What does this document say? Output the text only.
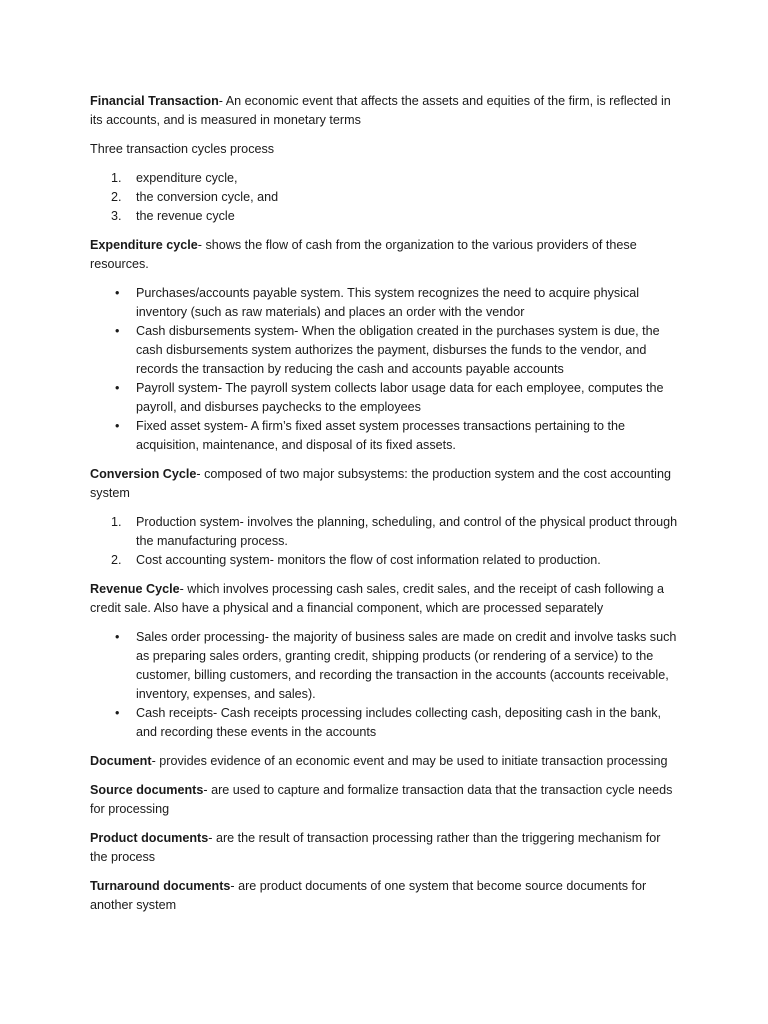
Financial Transaction- An economic event that affects the assets and equities of the firm, is reflected in its accounts, and is measured in monetary terms

Three transaction cycles process

1. expenditure cycle,
2. the conversion cycle, and
3. the revenue cycle

Expenditure cycle- shows the flow of cash from the organization to the various providers of these resources.

• Purchases/accounts payable system. This system recognizes the need to acquire physical inventory (such as raw materials) and places an order with the vendor
• Cash disbursements system- When the obligation created in the purchases system is due, the cash disbursements system authorizes the payment, disburses the funds to the vendor, and records the transaction by reducing the cash and accounts payable accounts
• Payroll system- The payroll system collects labor usage data for each employee, computes the payroll, and disburses paychecks to the employees
• Fixed asset system- A firm’s fixed asset system processes transactions pertaining to the acquisition, maintenance, and disposal of its fixed assets.

Conversion Cycle- composed of two major subsystems: the production system and the cost accounting system

1. Production system- involves the planning, scheduling, and control of the physical product through the manufacturing process.
2. Cost accounting system- monitors the flow of cost information related to production.

Revenue Cycle- which involves processing cash sales, credit sales, and the receipt of cash following a credit sale. Also have a physical and a financial component, which are processed separately

• Sales order processing- the majority of business sales are made on credit and involve tasks such as preparing sales orders, granting credit, shipping products (or rendering of a service) to the customer, billing customers, and recording the transaction in the accounts (accounts receivable, inventory, expenses, and sales).
• Cash receipts- Cash receipts processing includes collecting cash, depositing cash in the bank, and recording these events in the accounts

Document- provides evidence of an economic event and may be used to initiate transaction processing

Source documents- are used to capture and formalize transaction data that the transaction cycle needs for processing

Product documents- are the result of transaction processing rather than the triggering mechanism for the process

Turnaround documents- are product documents of one system that become source documents for another system
